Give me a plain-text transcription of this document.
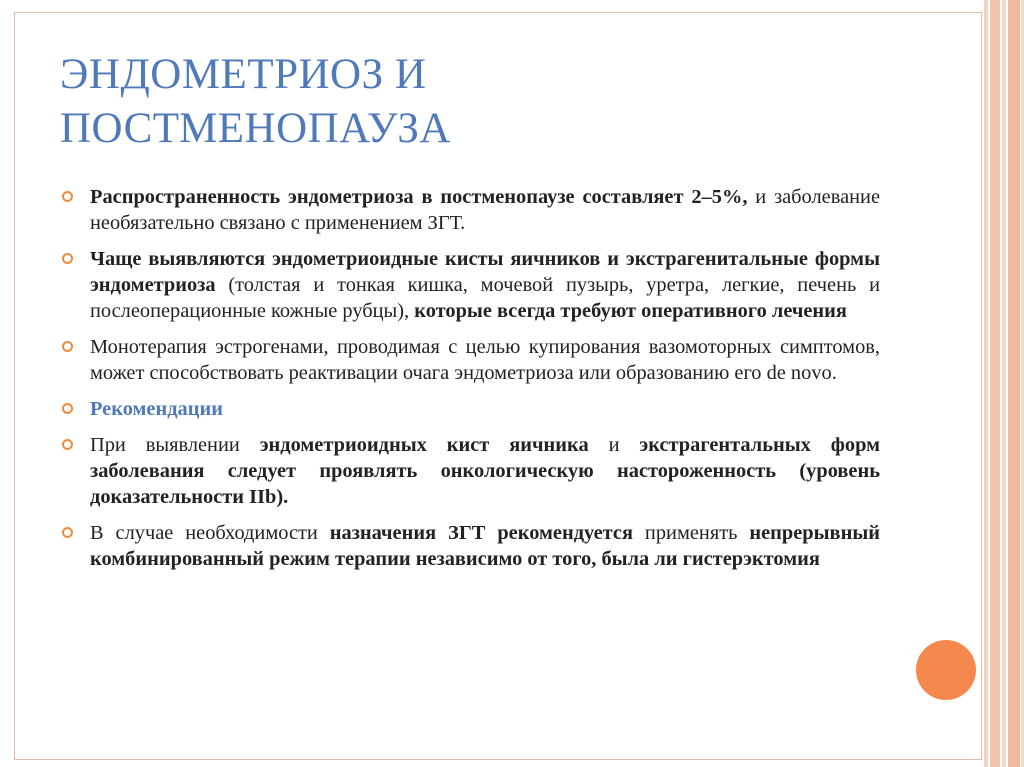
ЭНДОМЕТРИОЗ И
ПОСТМЕНОПАУЗА
Распространенность эндометриоза в постменопаузе составляет 2–5%, и заболевание необязательно связано с применением ЗГТ.
Чаще выявляются эндометриоидные кисты яичников и экстрагенитальные формы эндометриоза (толстая и тонкая кишка, мочевой пузырь, уретра, легкие, печень и послеоперационные кожные рубцы), которые всегда требуют оперативного лечения
Монотерапия эстрогенами, проводимая с целью купирования вазомоторных симптомов, может способствовать реактивации очага эндометриоза или образованию его de novo.
Рекомендации
При выявлении эндометриоидных кист яичника и экстрагентальных форм заболевания следует проявлять онкологическую настороженность (уровень доказательности IIb).
В случае необходимости назначения ЗГТ рекомендуется применять непрерывный комбинированный режим терапии независимо от того, была ли гистерэктомия
